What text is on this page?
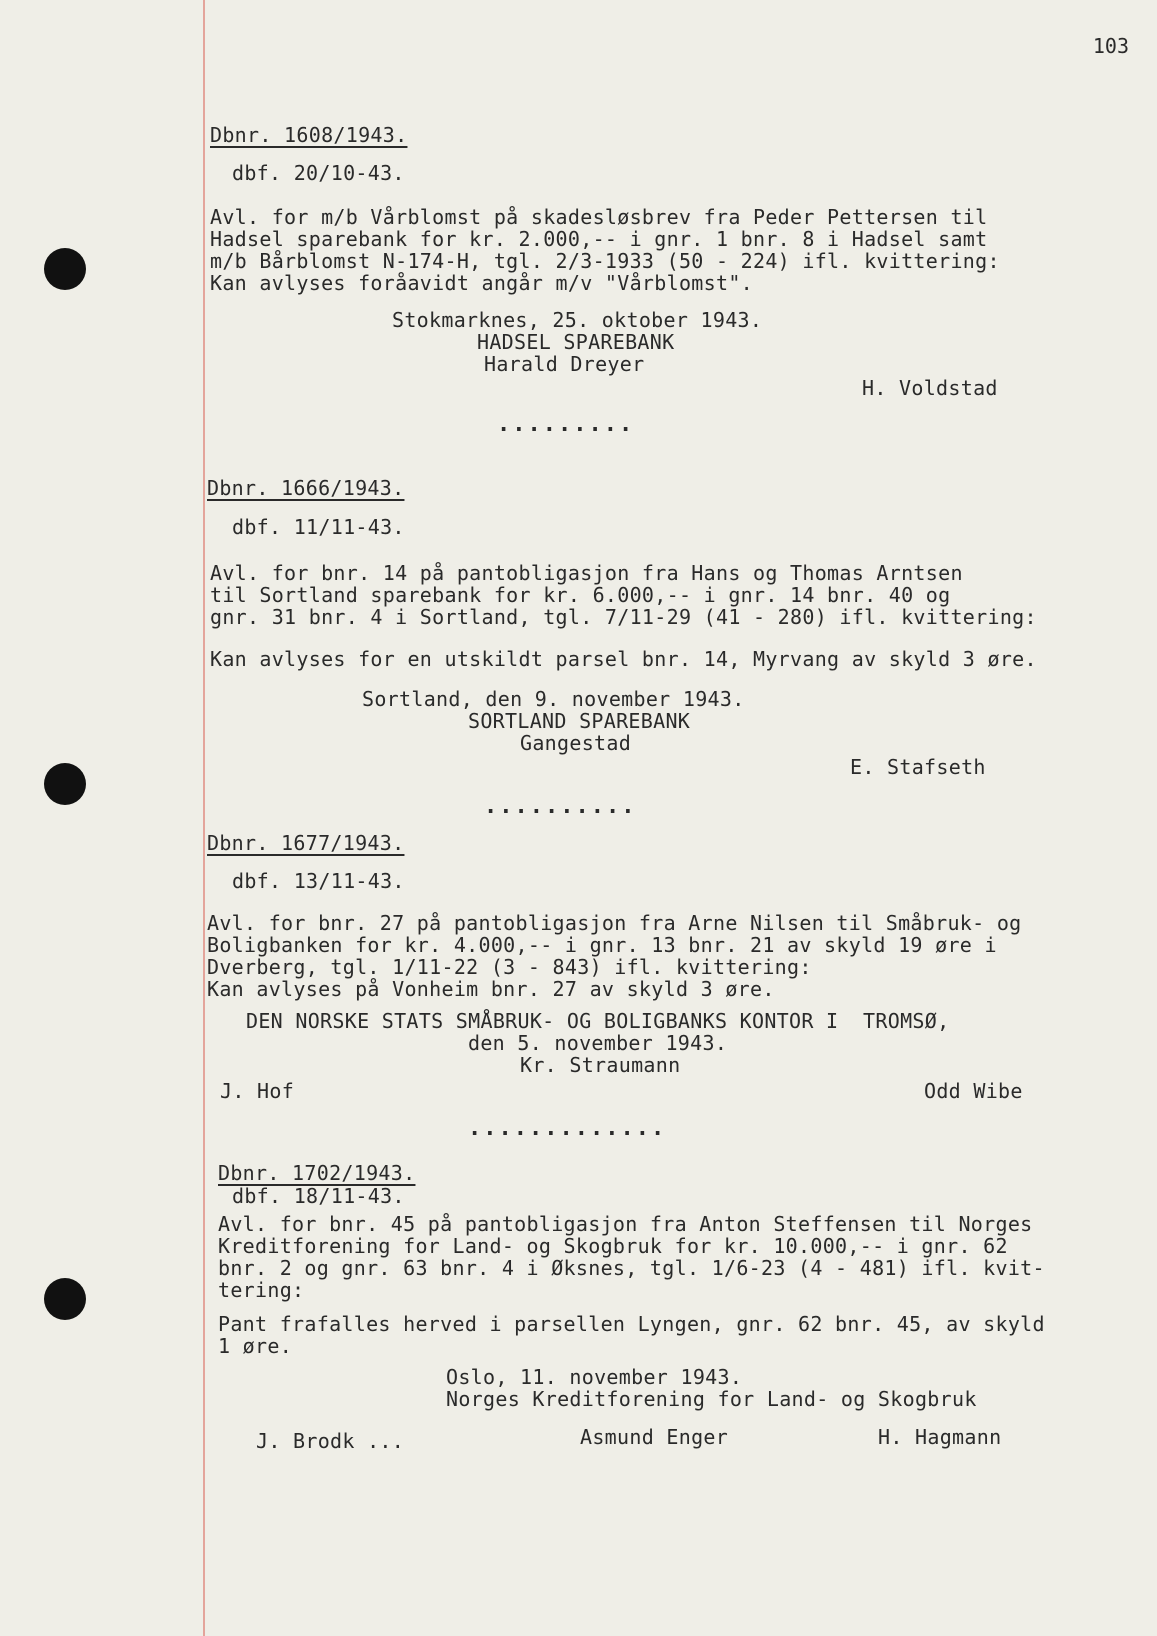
103
Dbnr. 1608/1943.
dbf. 20/10-43.
Avl. for m/b Vårblomst på skadesløsbrev fra Peder Pettersen til
Hadsel sparebank for kr. 2.000,-- i gnr. 1 bnr. 8 i Hadsel samt
m/b Bårblomst N-174-H, tgl. 2/3-1933 (50 - 224) ifl. kvittering:
Kan avlyses foråavidt angår m/v "Vårblomst".
Stokmarknes, 25. oktober 1943.
HADSEL SPAREBANK
Harald Dreyer
H. Voldstad
.........
Dbnr. 1666/1943.
dbf. 11/11-43.
Avl. for bnr. 14 på pantobligasjon fra Hans og Thomas Arntsen
til Sortland sparebank for kr. 6.000,-- i gnr. 14 bnr. 40 og
gnr. 31 bnr. 4 i Sortland, tgl. 7/11-29 (41 - 280) ifl. kvittering:
Kan avlyses for en utskildt parsel bnr. 14, Myrvang av skyld 3 øre.
Sortland, den 9. november 1943.
SORTLAND SPAREBANK
Gangestad
E. Stafseth
..........
Dbnr. 1677/1943.
dbf. 13/11-43.
Avl. for bnr. 27 på pantobligasjon fra Arne Nilsen til Småbruk- og
Boligbanken for kr. 4.000,-- i gnr. 13 bnr. 21 av skyld 19 øre i
Dverberg, tgl. 1/11-22 (3 - 843) ifl. kvittering:
Kan avlyses på Vonheim bnr. 27 av skyld 3 øre.
DEN NORSKE STATS SMÅBRUK- OG BOLIGBANKS KONTOR I  TROMSØ,
den 5. november 1943.
Kr. Straumann
J. Hof	Odd Wibe
.............
Dbnr. 1702/1943.
dbf. 18/11-43.
Avl. for bnr. 45 på pantobligasjon fra Anton Steffensen til Norges
Kreditforening for Land- og Skogbruk for kr. 10.000,-- i gnr. 62
bnr. 2 og gnr. 63 bnr. 4 i Øksnes, tgl. 1/6-23 (4 - 481) ifl. kvit-
tering:
Pant frafalles herved i parsellen Lyngen, gnr. 62 bnr. 45, av skyld
1 øre.
Oslo, 11. november 1943.
Norges Kreditforening for Land- og Skogbruk
J. Brodk ...	Asmund Enger	H. Hagmann
